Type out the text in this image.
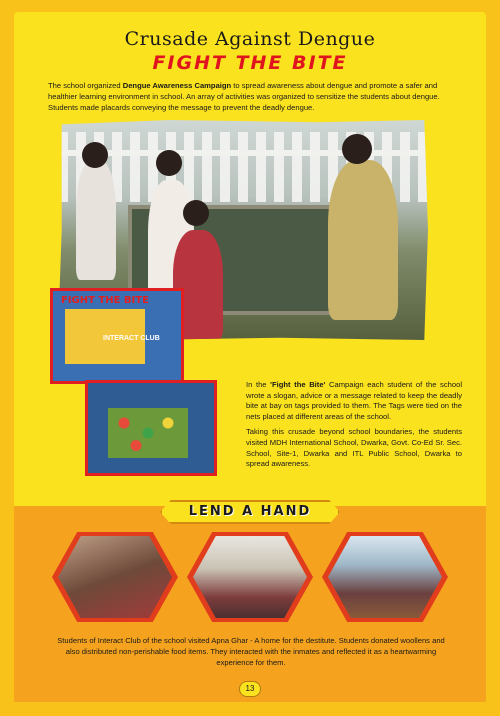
Crusade Against Dengue
FIGHT THE BITE
The school organized Dengue Awareness Campaign to spread awareness about dengue and promote a safer and healthier learning environment in school. An array of activities was organized to sensitize the students about dengue. Students made placards conveying the message to prevent the deadly dengue.
FIGHT THE BITE
INTERACT CLUB

In the 'Fight the Bite' Campaign each student of the school wrote a slogan, advice or a message related to keep the deadly bite at bay on tags provided to them. The Tags were tied on the nets placed at different areas of the school.

Taking this crusade beyond school boundaries, the students visited MDH International School, Dwarka, Govt. Co-Ed Sr. Sec. School, Site-1, Dwarka and ITL Public School, Dwarka to spread awareness.

LEND A HAND
Students of Interact Club of the school visited Apna Ghar - A home for the destitute. Students donated woollens and also distributed non-perishable food items. They interacted with the inmates and reflected it as a heartwarming experience for them.
13
